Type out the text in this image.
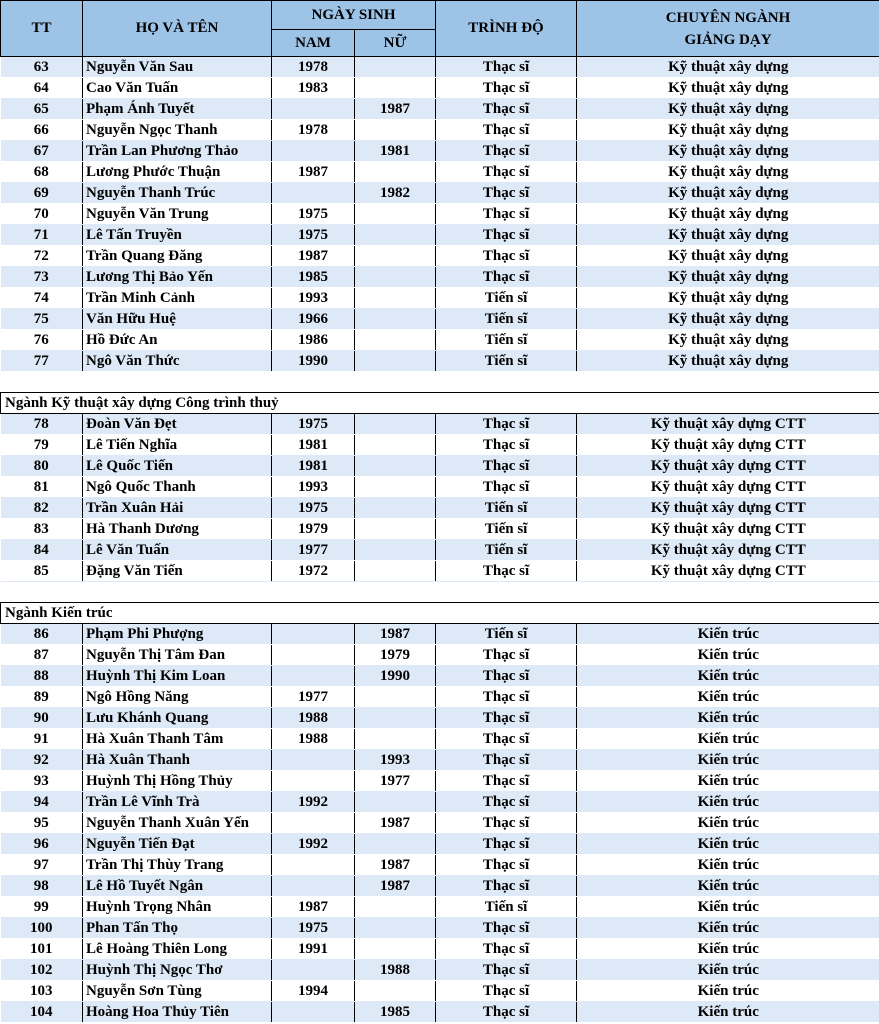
TT	HỌ VÀ TÊN	NGÀY SINH		TRÌNH ĐỘ	CHUYÊN NGÀNH
GIẢNG DẠY
		NAM	NỮ		
63	Nguyễn Văn Sau	1978		Thạc sĩ	Kỹ thuật xây dựng
64	Cao Văn Tuấn	1983		Thạc sĩ	Kỹ thuật xây dựng
65	Phạm Ánh Tuyết		1987	Thạc sĩ	Kỹ thuật xây dựng
66	Nguyễn Ngọc Thanh	1978		Thạc sĩ	Kỹ thuật xây dựng
67	Trần Lan Phương Thảo		1981	Thạc sĩ	Kỹ thuật xây dựng
68	Lương Phước Thuận	1987		Thạc sĩ	Kỹ thuật xây dựng
69	Nguyễn Thanh Trúc		1982	Thạc sĩ	Kỹ thuật xây dựng
70	Nguyễn Văn Trung	1975		Thạc sĩ	Kỹ thuật xây dựng
71	Lê Tấn Truyền	1975		Thạc sĩ	Kỹ thuật xây dựng
72	Trần Quang Đăng	1987		Thạc sĩ	Kỹ thuật xây dựng
73	Lương Thị Bảo Yến	1985		Thạc sĩ	Kỹ thuật xây dựng
74	Trần Minh Cảnh	1993		Tiến sĩ	Kỹ thuật xây dựng
75	Văn Hữu Huệ	1966		Tiến sĩ	Kỹ thuật xây dựng
76	Hồ Đức An	1986		Tiến sĩ	Kỹ thuật xây dựng
77	Ngô Văn Thức	1990		Tiến sĩ	Kỹ thuật xây dựng

Ngành Kỹ thuật xây dựng Công trình thuỷ					
78	Đoàn Văn Đẹt	1975		Thạc sĩ	Kỹ thuật xây dựng CTT
79	Lê Tiến Nghĩa	1981		Thạc sĩ	Kỹ thuật xây dựng CTT
80	Lê Quốc Tiến	1981		Thạc sĩ	Kỹ thuật xây dựng CTT
81	Ngô Quốc Thanh	1993		Thạc sĩ	Kỹ thuật xây dựng CTT
82	Trần Xuân Hải	1975		Tiến sĩ	Kỹ thuật xây dựng CTT
83	Hà Thanh Dương	1979		Tiến sĩ	Kỹ thuật xây dựng CTT
84	Lê Văn Tuấn	1977		Tiến sĩ	Kỹ thuật xây dựng CTT
85	Đặng Văn Tiến	1972		Thạc sĩ	Kỹ thuật xây dựng CTT

Ngành Kiến trúc					
86	Phạm Phi Phượng		1987	Tiến sĩ	Kiến trúc
87	Nguyễn Thị Tâm Đan		1979	Thạc sĩ	Kiến trúc
88	Huỳnh Thị Kim Loan		1990	Thạc sĩ	Kiến trúc
89	Ngô Hồng Năng	1977		Thạc sĩ	Kiến trúc
90	Lưu Khánh Quang	1988		Thạc sĩ	Kiến trúc
91	Hà Xuân Thanh Tâm	1988		Thạc sĩ	Kiến trúc
92	Hà Xuân Thanh		1993	Thạc sĩ	Kiến trúc
93	Huỳnh Thị Hồng Thủy		1977	Thạc sĩ	Kiến trúc
94	Trần Lê Vĩnh Trà	1992		Thạc sĩ	Kiến trúc
95	Nguyễn Thanh Xuân Yến		1987	Thạc sĩ	Kiến trúc
96	Nguyễn Tiến Đạt	1992		Thạc sĩ	Kiến trúc
97	Trần Thị Thùy Trang		1987	Thạc sĩ	Kiến trúc
98	Lê Hồ Tuyết Ngân		1987	Thạc sĩ	Kiến trúc
99	Huỳnh Trọng Nhân	1987		Tiến sĩ	Kiến trúc
100	Phan Tấn Thọ	1975		Thạc sĩ	Kiến trúc
101	Lê Hoàng Thiên Long	1991		Thạc sĩ	Kiến trúc
102	Huỳnh Thị Ngọc Thơ		1988	Thạc sĩ	Kiến trúc
103	Nguyễn Sơn Tùng	1994		Thạc sĩ	Kiến trúc
104	Hoàng Hoa Thủy Tiên		1985	Thạc sĩ	Kiến trúc
